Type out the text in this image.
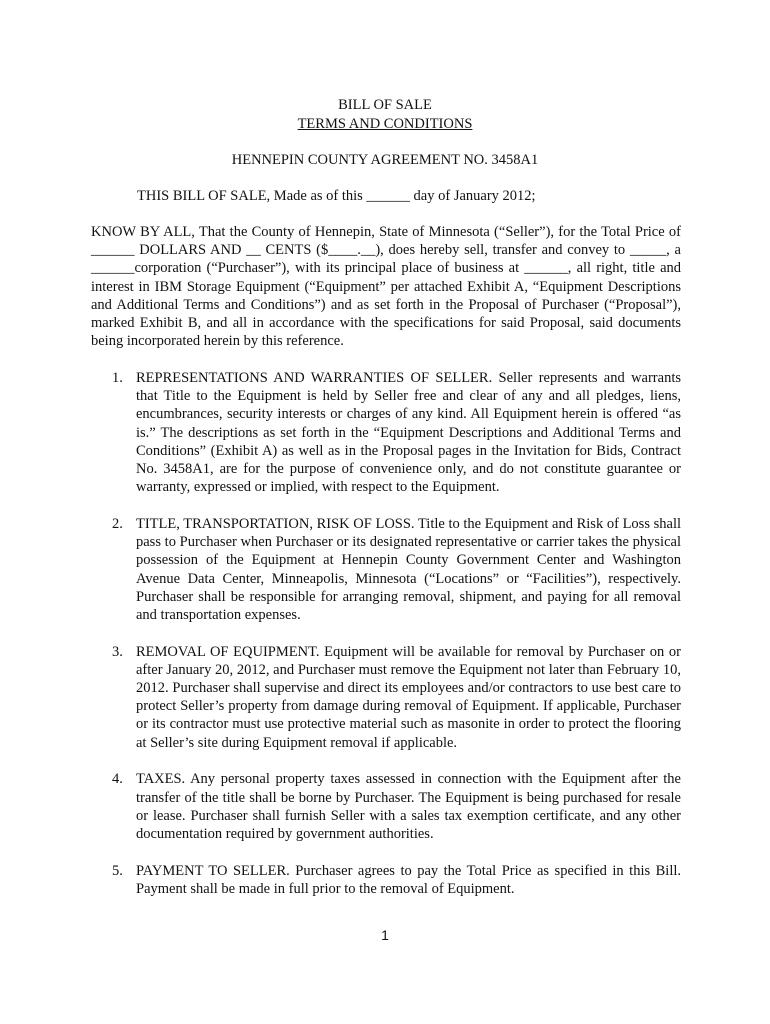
BILL OF SALE
TERMS AND CONDITIONS
HENNEPIN COUNTY AGREEMENT NO. 3458A1
THIS BILL OF SALE, Made as of this ______ day of January 2012;
KNOW BY ALL, That the County of Hennepin, State of Minnesota (“Seller”), for the Total Price of ______ DOLLARS AND __ CENTS ($____.__), does hereby sell, transfer and convey to _____, a ______corporation (“Purchaser”), with its principal place of business at ______, all right, title and interest in IBM Storage Equipment (“Equipment” per attached Exhibit A, “Equipment Descriptions and Additional Terms and Conditions”) and as set forth in the Proposal of Purchaser (“Proposal”), marked Exhibit B, and all in accordance with the specifications for said Proposal, said documents being incorporated herein by this reference.
1. REPRESENTATIONS AND WARRANTIES OF SELLER. Seller represents and warrants that Title to the Equipment is held by Seller free and clear of any and all pledges, liens, encumbrances, security interests or charges of any kind. All Equipment herein is offered “as is.” The descriptions as set forth in the “Equipment Descriptions and Additional Terms and Conditions” (Exhibit A) as well as in the Proposal pages in the Invitation for Bids, Contract No. 3458A1, are for the purpose of convenience only, and do not constitute guarantee or warranty, expressed or implied, with respect to the Equipment.
2. TITLE, TRANSPORTATION, RISK OF LOSS. Title to the Equipment and Risk of Loss shall pass to Purchaser when Purchaser or its designated representative or carrier takes the physical possession of the Equipment at Hennepin County Government Center and Washington Avenue Data Center, Minneapolis, Minnesota (“Locations” or “Facilities”), respectively. Purchaser shall be responsible for arranging removal, shipment, and paying for all removal and transportation expenses.
3. REMOVAL OF EQUIPMENT. Equipment will be available for removal by Purchaser on or after January 20, 2012, and Purchaser must remove the Equipment not later than February 10, 2012. Purchaser shall supervise and direct its employees and/or contractors to use best care to protect Seller’s property from damage during removal of Equipment. If applicable, Purchaser or its contractor must use protective material such as masonite in order to protect the flooring at Seller’s site during Equipment removal if applicable.
4. TAXES. Any personal property taxes assessed in connection with the Equipment after the transfer of the title shall be borne by Purchaser. The Equipment is being purchased for resale or lease. Purchaser shall furnish Seller with a sales tax exemption certificate, and any other documentation required by government authorities.
5. PAYMENT TO SELLER. Purchaser agrees to pay the Total Price as specified in this Bill. Payment shall be made in full prior to the removal of Equipment.
1
